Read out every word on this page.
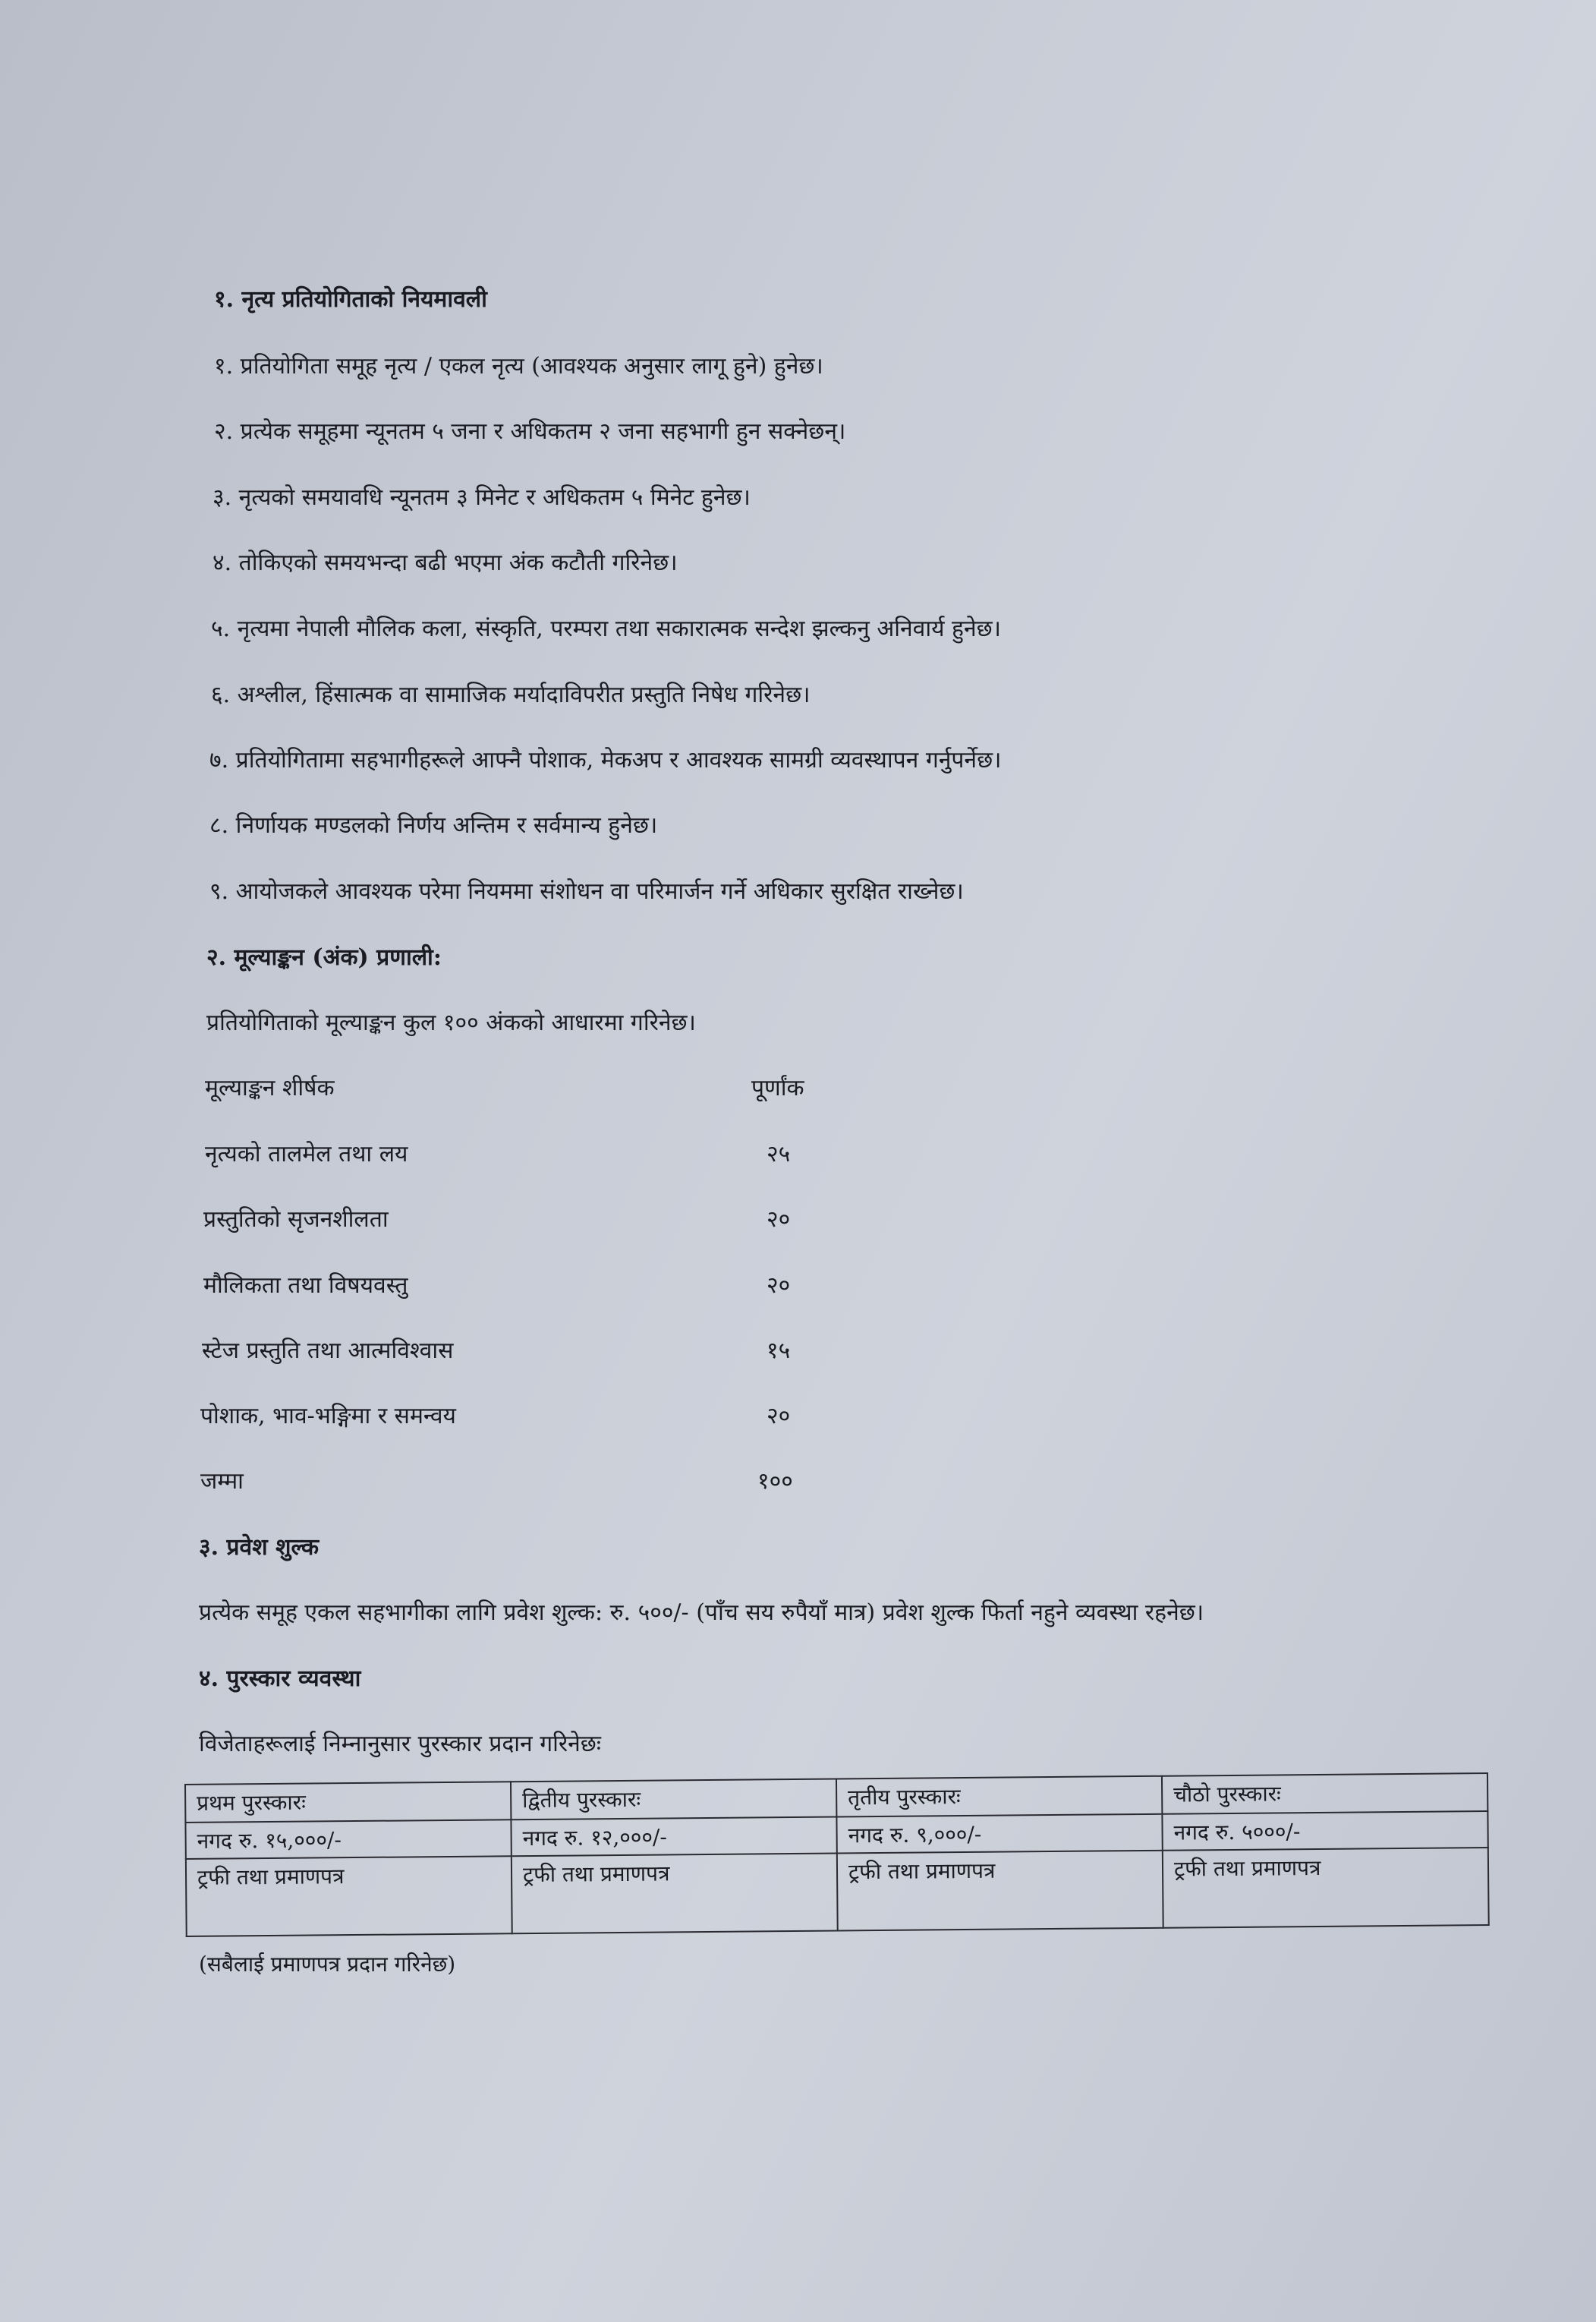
१. नृत्य प्रतियोगिताको नियमावली
१. प्रतियोगिता समूह नृत्य / एकल नृत्य (आवश्यक अनुसार लागू हुने) हुनेछ।
२. प्रत्येक समूहमा न्यूनतम ५ जना र अधिकतम २ जना सहभागी हुन सक्नेछन्।
३. नृत्यको समयावधि न्यूनतम ३ मिनेट र अधिकतम ५ मिनेट हुनेछ।
४. तोकिएको समयभन्दा बढी भएमा अंक कटौती गरिनेछ।
५. नृत्यमा नेपाली मौलिक कला, संस्कृति, परम्परा तथा सकारात्मक सन्देश झल्कनु अनिवार्य हुनेछ।
६. अश्लील, हिंसात्मक वा सामाजिक मर्यादाविपरीत प्रस्तुति निषेध गरिनेछ।
७. प्रतियोगितामा सहभागीहरूले आफ्नै पोशाक, मेकअप र आवश्यक सामग्री व्यवस्थापन गर्नुपर्नेछ।
८. निर्णायक मण्डलको निर्णय अन्तिम र सर्वमान्य हुनेछ।
९. आयोजकले आवश्यक परेमा नियममा संशोधन वा परिमार्जन गर्ने अधिकार सुरक्षित राख्नेछ।
२. मूल्याङ्कन (अंक) प्रणाली:
प्रतियोगिताको मूल्याङ्कन कुल १०० अंकको आधारमा गरिनेछ।
मूल्याङ्कन शीर्षक	पूर्णांक
नृत्यको तालमेल तथा लय	२५
प्रस्तुतिको सृजनशीलता	२०
मौलिकता तथा विषयवस्तु	२०
स्टेज प्रस्तुति तथा आत्मविश्वास	१५
पोशाक, भाव-भङ्गिमा र समन्वय	२०
जम्मा	१००
३. प्रवेश शुल्क
प्रत्येक समूह एकल सहभागीका लागि प्रवेश शुल्क: रु. ५००/- (पाँच सय रुपैयाँ मात्र) प्रवेश शुल्क फिर्ता नहुने व्यवस्था रहनेछ।
४. पुरस्कार व्यवस्था
विजेताहरूलाई निम्नानुसार पुरस्कार प्रदान गरिनेछः
प्रथम पुरस्कारः	द्वितीय पुरस्कारः	तृतीय पुरस्कारः	चौठो पुरस्कारः
नगद रु. १५,०००/-	नगद रु. १२,०००/-	नगद रु. ९,०००/-	नगद रु. ५०००/-
ट्रफी तथा प्रमाणपत्र	ट्रफी तथा प्रमाणपत्र	ट्रफी तथा प्रमाणपत्र	ट्रफी तथा प्रमाणपत्र
(सबैलाई प्रमाणपत्र प्रदान गरिनेछ)
